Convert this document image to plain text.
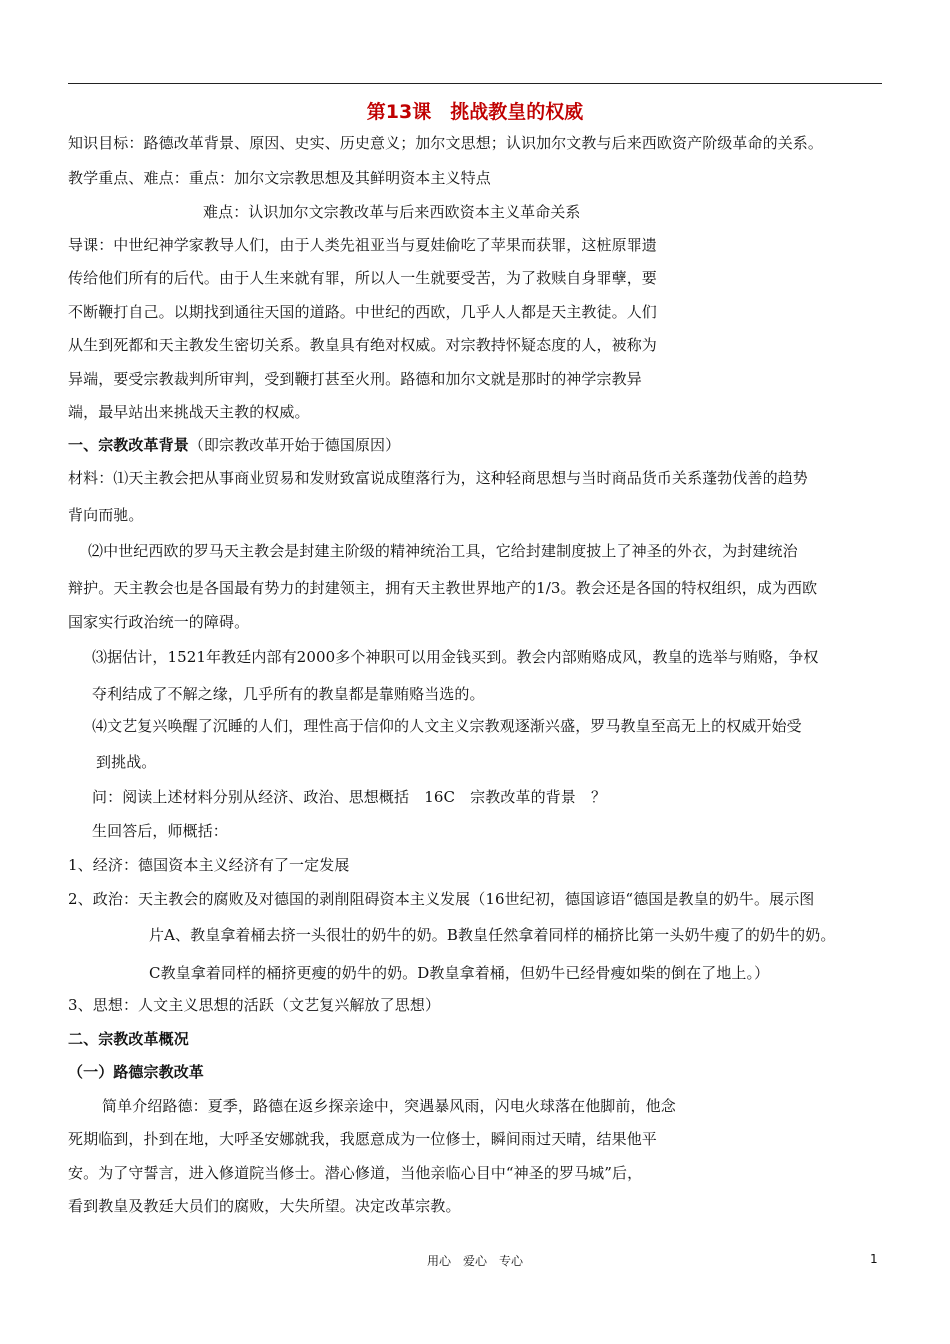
第13课　挑战教皇的权威
知识目标：路德改革背景、原因、史实、历史意义；加尔文思想；认识加尔文教与后来西欧资产阶级革命的关系。
教学重点、难点：重点：加尔文宗教思想及其鲜明资本主义特点
难点：认识加尔文宗教改革与后来西欧资本主义革命关系
导课：中世纪神学家教导人们，由于人类先祖亚当与夏娃偷吃了苹果而获罪，这桩原罪遗
传给他们所有的后代。由于人生来就有罪，所以人一生就要受苦，为了救赎自身罪孽，要
不断鞭打自己。以期找到通往天国的道路。中世纪的西欧，几乎人人都是天主教徒。人们
从生到死都和天主教发生密切关系。教皇具有绝对权威。对宗教持怀疑态度的人，被称为
异端，要受宗教裁判所审判，受到鞭打甚至火刑。路德和加尔文就是那时的神学宗教异
端，最早站出来挑战天主教的权威。
一、宗教改革背景（即宗教改革开始于德国原因）
材料：⑴天主教会把从事商业贸易和发财致富说成堕落行为，这种轻商思想与当时商品货币关系蓬勃伐善的趋势
背向而驰。
⑵中世纪西欧的罗马天主教会是封建主阶级的精神统治工具，它给封建制度披上了神圣的外衣，为封建统治
辩护。天主教会也是各国最有势力的封建领主，拥有天主教世界地产的1/3。教会还是各国的特权组织，成为西欧
国家实行政治统一的障碍。
⑶据估计，1521年教廷内部有2000多个神职可以用金钱买到。教会内部贿赂成风，教皇的选举与贿赂，争权
夺利结成了不解之缘，几乎所有的教皇都是靠贿赂当选的。
⑷文艺复兴唤醒了沉睡的人们，理性高于信仰的人文主义宗教观逐渐兴盛，罗马教皇至高无上的权威开始受
到挑战。
问：阅读上述材料分别从经济、政治、思想概括　16C　宗教改革的背景　？
生回答后，师概括：
1、经济：德国资本主义经济有了一定发展
2、政治：天主教会的腐败及对德国的剥削阻碍资本主义发展（16世纪初，德国谚语“德国是教皇的奶牛。展示图
片A、教皇拿着桶去挤一头很壮的奶牛的奶。B教皇任然拿着同样的桶挤比第一头奶牛瘦了的奶牛的奶。
C教皇拿着同样的桶挤更瘦的奶牛的奶。D教皇拿着桶，但奶牛已经骨瘦如柴的倒在了地上。）
3、思想：人文主义思想的活跃（文艺复兴解放了思想）
二、宗教改革概况
（一）路德宗教改革
简单介绍路德：夏季，路德在返乡探亲途中，突遇暴风雨，闪电火球落在他脚前，他念
死期临到，扑到在地，大呼圣安娜就我，我愿意成为一位修士，瞬间雨过天晴，结果他平
安。为了守誓言，进入修道院当修士。潜心修道，当他亲临心目中“神圣的罗马城”后，
看到教皇及教廷大员们的腐败，大失所望。决定改革宗教。
用心　爱心　专心	1
